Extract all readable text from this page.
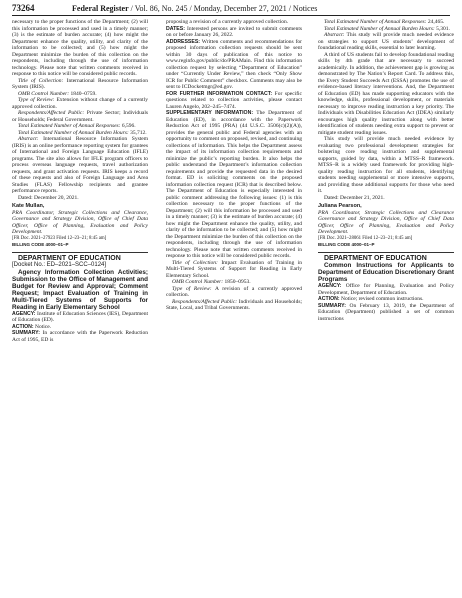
73264	Federal Register / Vol. 86, No. 245 / Monday, December 27, 2021 / Notices

necessary to the proper functions of the Department; (2) will this information be processed and used in a timely manner; (3) is the estimate of burden accurate; (4) how might the Department enhance the quality, utility, and clarity of the information to be collected; and (5) how might the Department minimize the burden of this collection on the respondents, including through the use of information technology. Please note that written comments received in response to this notice will be considered public records.

Title of Collection: International Resource Information System (IRIS).

OMB Control Number: 1840–0759.

Type of Review: Extension without change of a currently approved collection.

Respondents/Affected Public: Private Sector; Individuals or Households; Federal Government.

Total Estimated Number of Annual Responses: 6,596.

Total Estimated Number of Annual Burden Hours: 35,712.

Abstract: International Resource Information System (IRIS) is an online performance reporting system for grantees of International and Foreign Language Education (IFLE) programs. The site also allows for IFLE program officers to process overseas language requests, travel authorization requests, and grant activation requests. IRIS keeps a record of these requests and also of Foreign Language and Area Studies (FLAS) Fellowship recipients and grantee performance reports.

Dated: December 20, 2021.

Kate Mullan,

PRA Coordinator, Strategic Collections and Clearance, Governance and Strategy Division, Office of Chief Data Officer, Office of Planning, Evaluation and Policy Development.

[FR Doc. 2021–27923 Filed 12–23–21; 8:45 am]

BILLING CODE 4000–01–P

DEPARTMENT OF EDUCATION

[Docket No.: ED–2021–SCC–0124]

Agency Information Collection Activities; Submission to the Office of Management and Budget for Review and Approval; Comment Request; Impact Evaluation of Training in Multi-Tiered Systems of Supports for Reading in Early Elementary School

AGENCY: Institute of Education Sciences (IES), Department of Education (ED).

ACTION: Notice.

SUMMARY: In accordance with the Paperwork Reduction Act of 1995, ED is

proposing a revision of a currently approved collection.

DATES: Interested persons are invited to submit comments on or before January 26, 2022.

ADDRESSES: Written comments and recommendations for proposed information collection requests should be sent within 30 days of publication of this notice to www.reginfo.gov/public/do/PRAMain. Find this information collection request by selecting “Department of Education” under “Currently Under Review,” then check “Only Show ICR for Public Comment” checkbox. Comments may also be sent to ICDocketmgr@ed.gov.

FOR FURTHER INFORMATION CONTACT: For specific questions related to collection activities, please contact Lauren Angelo, 202–245–7474.

SUPPLEMENTARY INFORMATION: The Department of Education (ED), in accordance with the Paperwork Reduction Act of 1995 (PRA) (44 U.S.C. 3506(c)(2)(A)), provides the general public and Federal agencies with an opportunity to comment on proposed, revised, and continuing collections of information. This helps the Department assess the impact of its information collection requirements and minimize the public’s reporting burden. It also helps the public understand the Department’s information collection requirements and provide the requested data in the desired format. ED is soliciting comments on the proposed information collection request (ICR) that is described below. The Department of Education is especially interested in public comment addressing the following issues: (1) is this collection necessary to the proper functions of the Department; (2) will this information be processed and used in a timely manner; (3) is the estimate of burden accurate; (4) how might the Department enhance the quality, utility, and clarity of the information to be collected; and (5) how might the Department minimize the burden of this collection on the respondents, including through the use of information technology. Please note that written comments received in response to this notice will be considered public records.

Title of Collection: Impact Evaluation of Training in Multi-Tiered Systems of Support for Reading in Early Elementary School.

OMB Control Number: 1850–0953.

Type of Review: A revision of a currently approved collection.

Respondents/Affected Public: Individuals and Households; State, Local, and Tribal Governments.

Total Estimated Number of Annual Responses: 24,465.

Total Estimated Number of Annual Burden Hours: 5,301.

Abstract: This study will provide much needed evidence on strategies to support US students’ development of foundational reading skills, essential to later learning.

A third of US students fail to develop foundational reading skills by 4th grade that are necessary to succeed academically. In addition, the achievement gap is growing as demonstrated by The Nation’s Report Card. To address this, the Every Student Succeeds Act (ESSA) promotes the use of evidence-based literacy interventions. And, the Department of Education (ED) has made supporting educators with the knowledge, skills, professional development, or materials necessary to improve reading instruction a key priority. The Individuals with Disabilities Education Act (IDEA) similarly encourages high quality instruction along with better identification of students needing extra support to prevent or mitigate student reading issues.

This study will provide much needed evidence by evaluating two professional development strategies for bolstering core reading instruction and supplemental supports, guided by data, within a MTSS–R framework. MTSS–R is a widely used framework for providing high-quality reading instruction for all students, identifying students needing supplemental or more intensive supports, and providing those additional supports for those who need it.

Dated: December 21, 2021.

Juliana Pearson,

PRA Coordinator, Strategic Collections and Clearance Governance and Strategy Division, Office of Chief Data Officer, Office of Planning, Evaluation and Policy Development.

[FR Doc. 2021–28061 Filed 12–23–21; 8:45 am]

BILLING CODE 4000–01–P

DEPARTMENT OF EDUCATION

Common Instructions for Applicants to Department of Education Discretionary Grant Programs

AGENCY: Office for Planning, Evaluation and Policy Development, Department of Education.

ACTION: Notice; revised common instructions.

SUMMARY: On February 13, 2019, the Department of Education (Department) published a set of common instructions
